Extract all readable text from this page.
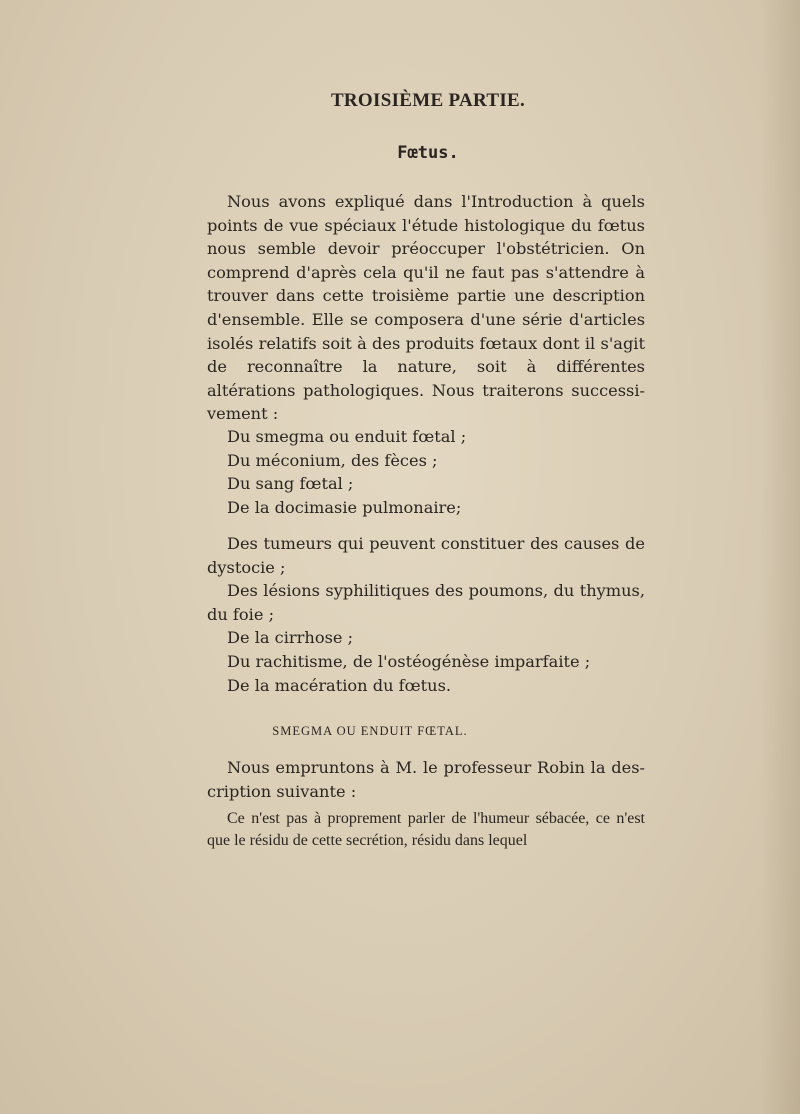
TROISIÈME PARTIE.
Fœtus.

Nous avons expliqué dans l'Introduction à quels points de vue spéciaux l'étude histologique du fœtus nous semble devoir préoccuper l'obstétricien. On comprend d'après cela qu'il ne faut pas s'attendre à trouver dans cette troisième partie une description d'ensemble. Elle se composera d'une série d'articles isolés relatifs soit à des produits fœtaux dont il s'agit de reconnaître la nature, soit à différentes altérations pathologiques. Nous traiterons successi-vement :

Du smegma ou enduit fœtal ;

Du méconium, des fèces ;

Du sang fœtal ;

De la docimasie pulmonaire;

Des tumeurs qui peuvent constituer des causes de dystocie ;

Des lésions syphilitiques des poumons, du thymus, du foie ;

De la cirrhose ;

Du rachitisme, de l'ostéogénèse imparfaite ;

De la macération du fœtus.

SMEGMA OU ENDUIT FŒTAL.

Nous empruntons à M. le professeur Robin la des-cription suivante :

Ce n'est pas à proprement parler de l'humeur sébacée, ce n'est que le résidu de cette secrétion, résidu dans lequel
